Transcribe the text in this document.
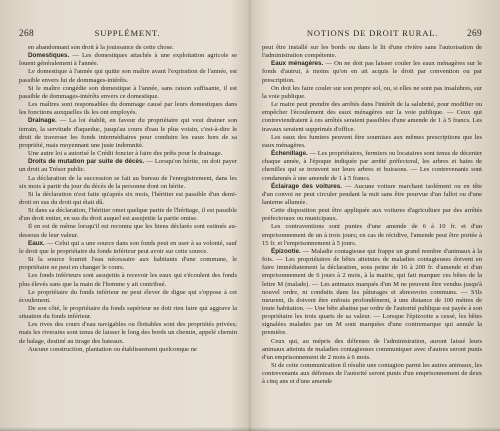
268	SUPPLÉMENT.

en abandonnant son droit à la jouissance de cette chose.

Domestiques. — Les domestiques attachés à une exploitation agricole se louent généralement à l'année.

Le domestique à l'année qui quitte son maître avant l'expiration de l'année, est passible envers lui de dommages-intérêts.

Si le maître congédie son domestique à l'année, sans raison suffisante, il est passible de dommages-intérêts envers ce domestique.

Les maîtres sont responsables du dommage causé par leurs domestiques dans les fonctions auxquelles ils les ont employés.

Drainage. — La loi établit, en faveur du propriétaire qui veut drainer son terrain, la servitude d'aqueduc, jusqu'au cours d'eau le plus voisin, c'est-à-dire le droit de traverser les fonds intermédiaires pour conduire les eaux hors de sa propriété, mais moyennant une juste indemnité.

Une autre loi a autorisé le Crédit foncier à faire des prêts pour le drainage.

Droits de mutation par suite de décès. — Lorsqu'on hérite, on doit payer un droit au Trésor public.

La déclaration de la succession se fait au bureau de l'enregistrement, dans les six mois à partir du jour du décès de la personne dont on hérite.

Si la déclaration n'est faite qu'après six mois, l'héritier est passible d'un demi-droit en sus du droit qui était dû.

Si dans sa déclaration, l'héritier omet quelque partie de l'héritage, il est passible d'un droit entier, en sus du droit auquel est assujettie la partie omise.

Il en est de même lorsqu'il est reconnu que les biens déclarés sont estimés au-dessous de leur valeur.

Eaux. — Celui qui a une source dans son fonds peut en user à sa volonté, sauf le droit que le propriétaire du fonds inférieur peut avoir sur cette source.

Si la source fournit l'eau nécessaire aux habitants d'une commune, le propriétaire ne peut en changer le cours.

Les fonds inférieurs sont assujettis à recevoir les eaux qui s'écoulent des fonds plus élevés sans que la main de l'homme y ait contribué.

Le propriétaire du fonds inférieur ne peut élever de digue qui s'oppose à cet écoulement.

De son côté, le propriétaire du fonds supérieur ne doit rien faire qui aggrave la situation du fonds inférieur.

Les rives des cours d'eau navigables ou flottables sont des propriétés privées; mais les riverains sont tenus de laisser le long des bords un chemin, appelé chemin de halage, destiné au tirage des bateaux.

Aucune construction, plantation ou établissement quelconque ne

NOTIONS DE DROIT RURAL.	269

peut être installé sur les bords ou dans le lit d'une rivière sans l'autorisation de l'administration compétente.

Eaux ménagères. — On ne doit pas laisser couler les eaux ménagères sur le fonds d'autrui, à moins qu'on en ait acquis le droit par convention ou par prescription.

On doit les faire couler sur son propre sol, ou, si elles ne sont pas insalubres, sur la voie publique.

Le maire peut prendre des arrêtés dans l'intérêt de la salubrité, pour modifier ou empêcher l'écoulement des eaux ménagères sur la voie publique. — Ceux qui contreviendraient à ces arrêtés seraient passibles d'une amende de 1 à 5 francs. Les travaux seraient supprimés d'office.

Les eaux des fumiers peuvent être soumises aux mêmes prescriptions que les eaux ménagères.

Échenillage. — Les propriétaires, fermiers ou locataires sont tenus de décenier chaque année, à l'époque indiquée par arrêté préfectoral, les arbres et haies de chenilles qui se trouvent sur leurs arbres et buissons. — Les contrevenants sont condamnés à une amende de 1 à 5 francs.

Éclairage des voitures. — Aucune voiture marchant isolément ou en tête d'un convoi ne peut circuler pendant la nuit sans être pourvue d'un fallot ou d'une lanterne allumée.

Cette disposition peut être appliquée aux voitures d'agriculture par des arrêtés préfectoraux ou municipaux.

Les contraventions sont punies d'une amende de 6 à 10 fr. et d'un emprisonnement de un à trois jours; en cas de récidive, l'amende peut être portée à 15 fr. et l'emprisonnement à 5 jours.

Épizootie. — Maladie contagieuse qui frappe un grand nombre d'animaux à la fois. — Les propriétaires de bêtes atteintes de maladies contagieuses doivent en faire immédiatement la déclaration, sous peine de 16 à 200 fr. d'amende et d'un emprisonnement de 6 jours à 2 mois, à la mairie, qui fait marquer ces bêtes de la lettre M (malade). — Les animaux marqués d'un M ne peuvent être vendus jusqu'à nouvel ordre, ni conduits dans les pâturages et abreuvoirs communs. — S'ils meurent, ils doivent être enfouis profondément, à une distance de 100 mètres de toute habitation. — Une bête abattue par ordre de l'autorité publique est payée à son propriétaire les trois quarts de sa valeur. — Lorsque l'épizootie a cessé, les bêtes signalées malades par un M sont marquées d'une contremarque qui annule la première.

Ceux qui, au mépris des défenses de l'administration, auront laissé leurs animaux atteints de maladies contagieuses communiquer avec d'autres seront punis d'un emprisonnement de 2 mois à 6 mois.

Si de cette communication il résulte une contagion parmi les autres animaux, les contrevenants aux défenses de l'autorité seront punis d'un emprisonnement de deux à cinq ans et d'une amende
